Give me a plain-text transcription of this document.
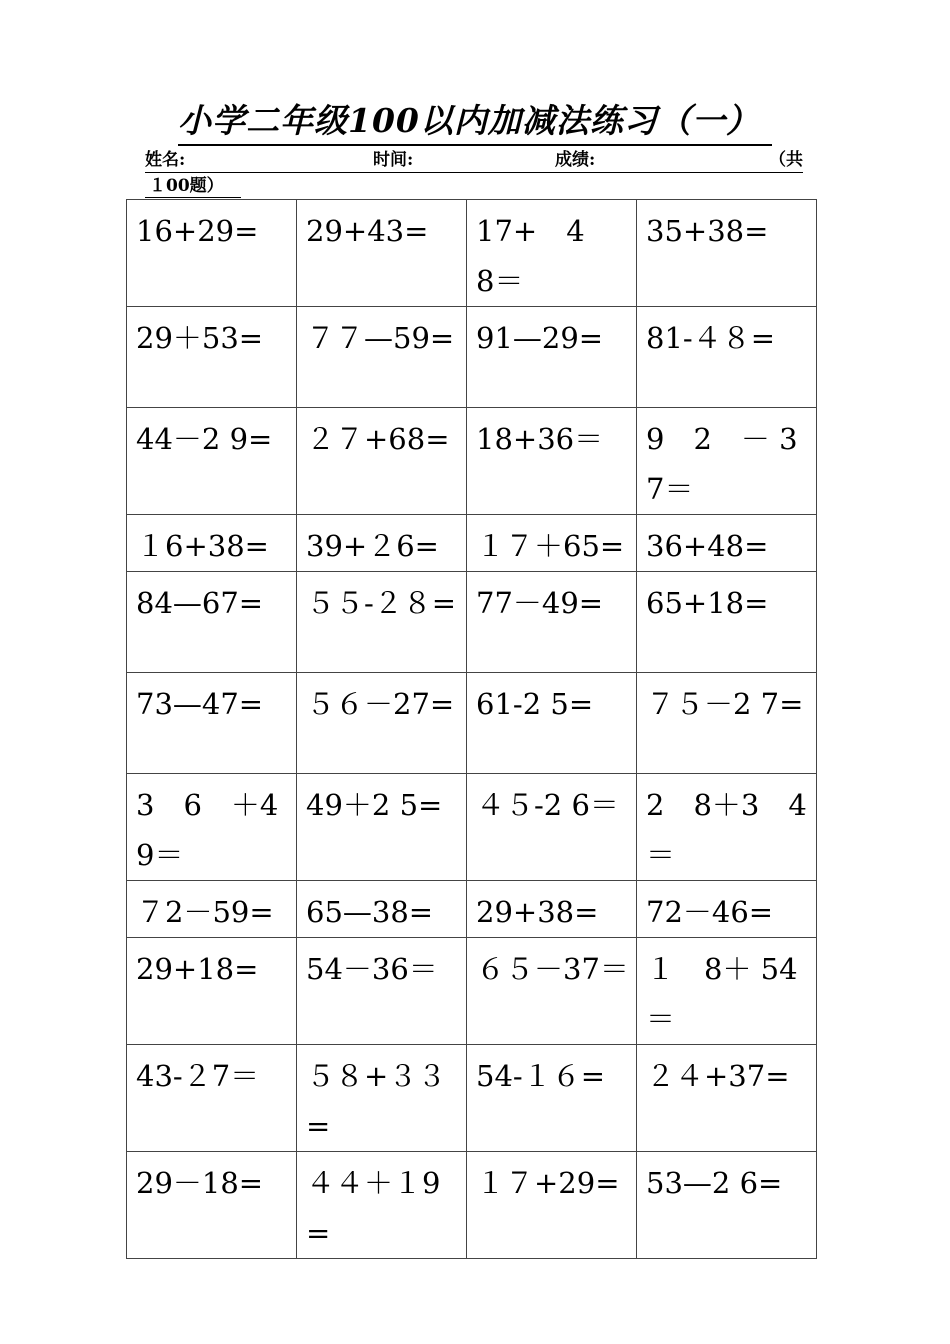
小学二年级100以内加减法练习（一）
姓名:	时间:	成绩:	（共
１00题）
16+29=	29+43=	17+　4　8＝	35+38=
29＋53=	７７—59=	91—29=	81-４８=
44－2 9=	２７+68=	18+36＝	9　2　－ 37＝
１6+38=	39+２6=	１７＋65=	36+48=
84—67=	５５-２８=	77－49=	65+18=
73—47=	５６－27=	61-2 5=	７５－2 7=
3　6　＋49＝	49＋2 5=	４５-2 6＝	2　8＋3　4＝
７2－59=	65—38=	29+38=	72－46=
29+18=	54－36＝	６５－37＝	１　8＋ 54＝
43-２7＝	５８+３３=	54-１６=	２４+37=
29－18=	４４＋１9=	１７+29=	53—2 6=
